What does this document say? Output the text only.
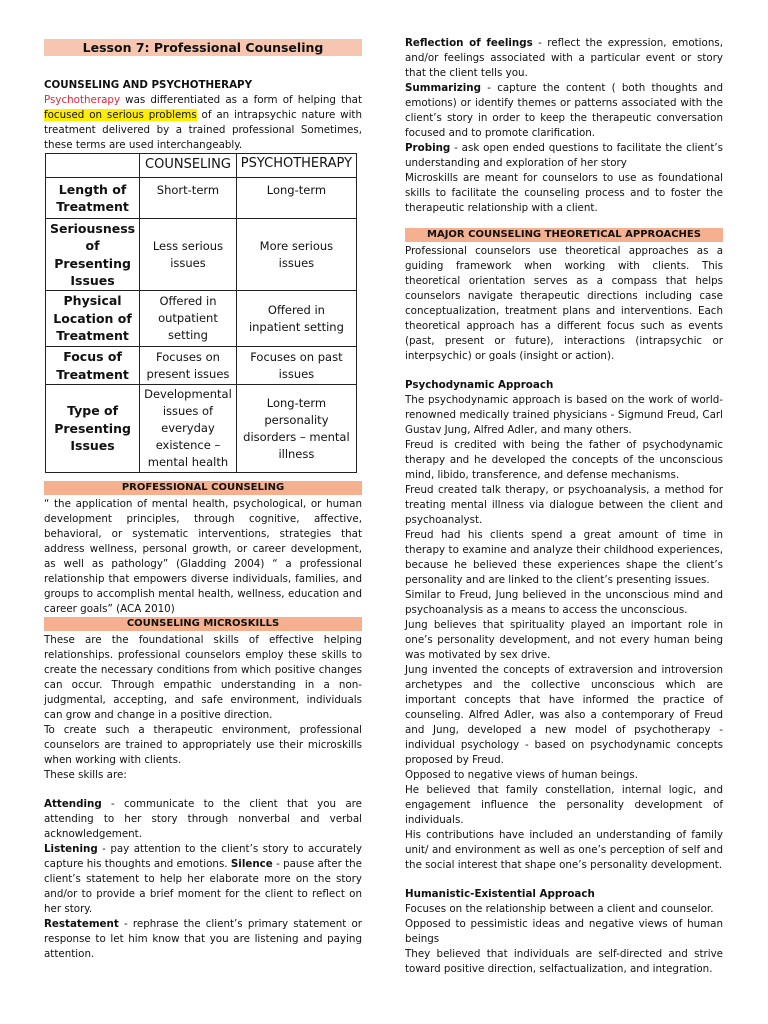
Lesson 7: Professional Counseling
COUNSELING AND PSYCHOTHERAPY

Psychotherapy was differentiated as a form of helping that focused on serious problems of an intrapsychic nature with treatment delivered by a trained professional Sometimes, these terms are used interchangeably.

	COUNSELING	PSYCHOTHERAPY
Length of Treatment	Short-term	Long-term
Seriousness of Presenting Issues	Less serious issues	More serious issues
Physical Location of Treatment	Offered in outpatient setting	Offered in inpatient setting
Focus of Treatment	Focuses on present issues	Focuses on past issues
Type of Presenting Issues	Developmental issues of everyday existence – mental health	Long-term personality disorders – mental illness
PROFESSIONAL COUNSELING

“ the application of mental health, psychological, or human development principles, through cognitive, affective, behavioral, or systematic interventions, strategies that address wellness, personal growth, or career development, as well as pathology” (Gladding 2004) “ a professional relationship that empowers diverse individuals, families, and groups to accomplish mental health, wellness, education and career goals” (ACA 2010)

COUNSELING MICROSKILLS

These are the foundational skills of effective helping relationships. professional counselors employ these skills to create the necessary conditions from which positive changes can occur. Through empathic understanding in a non-judgmental, accepting, and safe environment, individuals can grow and change in a positive direction.

To create such a therapeutic environment, professional counselors are trained to appropriately use their microskills when working with clients.

These skills are:

Attending - communicate to the client that you are attending to her story through nonverbal and verbal acknowledgement.

Listening - pay attention to the client’s story to accurately capture his thoughts and emotions. Silence - pause after the client’s statement to help her elaborate more on the story and/or to provide a brief moment for the client to reflect on her story.

Restatement - rephrase the client’s primary statement or response to let him know that you are listening and paying attention.

Reflection of feelings - reflect the expression, emotions, and/or feelings associated with a particular event or story that the client tells you.

Summarizing - capture the content ( both thoughts and emotions) or identify themes or patterns associated with the client’s story in order to keep the therapeutic conversation focused and to promote clarification.

Probing - ask open ended questions to facilitate the client’s understanding and exploration of her story

Microskills are meant for counselors to use as foundational skills to facilitate the counseling process and to foster the therapeutic relationship with a client.

MAJOR COUNSELING THEORETICAL APPROACHES

Professional counselors use theoretical approaches as a guiding framework when working with clients. This theoretical orientation serves as a compass that helps counselors navigate therapeutic directions including case conceptualization, treatment plans and interventions. Each theoretical approach has a different focus such as events (past, present or future), interactions (intrapsychic or interpsychic) or goals (insight or action).

Psychodynamic Approach

The psychodynamic approach is based on the work of world-renowned medically trained physicians - Sigmund Freud, Carl Gustav Jung, Alfred Adler, and many others.

Freud is credited with being the father of psychodynamic therapy and he developed the concepts of the unconscious mind, libido, transference, and defense mechanisms.

Freud created talk therapy, or psychoanalysis, a method for treating mental illness via dialogue between the client and psychoanalyst.

Freud had his clients spend a great amount of time in therapy to examine and analyze their childhood experiences, because he believed these experiences shape the client’s personality and are linked to the client’s presenting issues.

Similar to Freud, Jung believed in the unconscious mind and psychoanalysis as a means to access the unconscious.

Jung believes that spirituality played an important role in one’s personality development, and not every human being was motivated by sex drive.

Jung invented the concepts of extraversion and introversion archetypes and the collective unconscious which are important concepts that have informed the practice of counseling. Alfred Adler, was also a contemporary of Freud and Jung, developed a new model of psychotherapy - individual psychology - based on psychodynamic concepts proposed by Freud.

Opposed to negative views of human beings.

He believed that family constellation, internal logic, and engagement influence the personality development of individuals.

His contributions have included an understanding of family unit/ and environment as well as one’s perception of self and the social interest that shape one’s personality development.

Humanistic-Existential Approach

Focuses on the relationship between a client and counselor.

Opposed to pessimistic ideas and negative views of human beings

They believed that individuals are self-directed and strive toward positive direction, selfactualization, and integration.
